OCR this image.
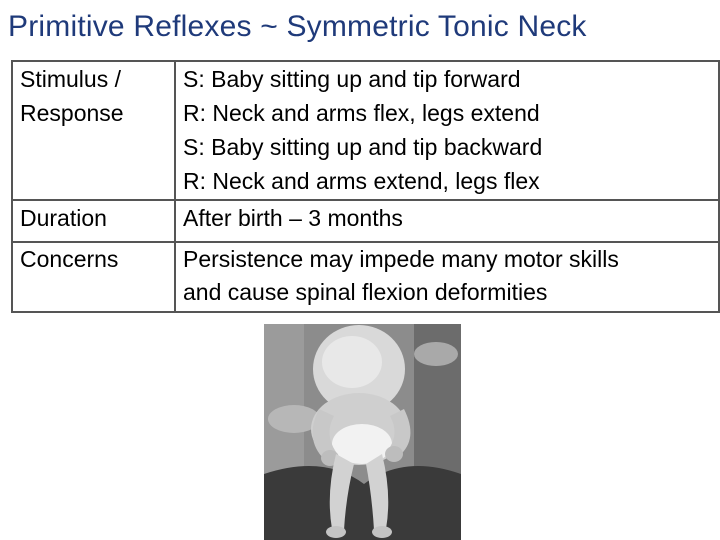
Primitive Reflexes ~ Symmetric Tonic Neck
Stimulus /
Response	S: Baby sitting up and tip forward
R: Neck and arms flex, legs extend
S: Baby sitting up and tip backward
R: Neck and arms extend, legs flex

Duration	After birth – 3 months

Concerns	Persistence may impede many motor skills
and cause spinal flexion deformities
